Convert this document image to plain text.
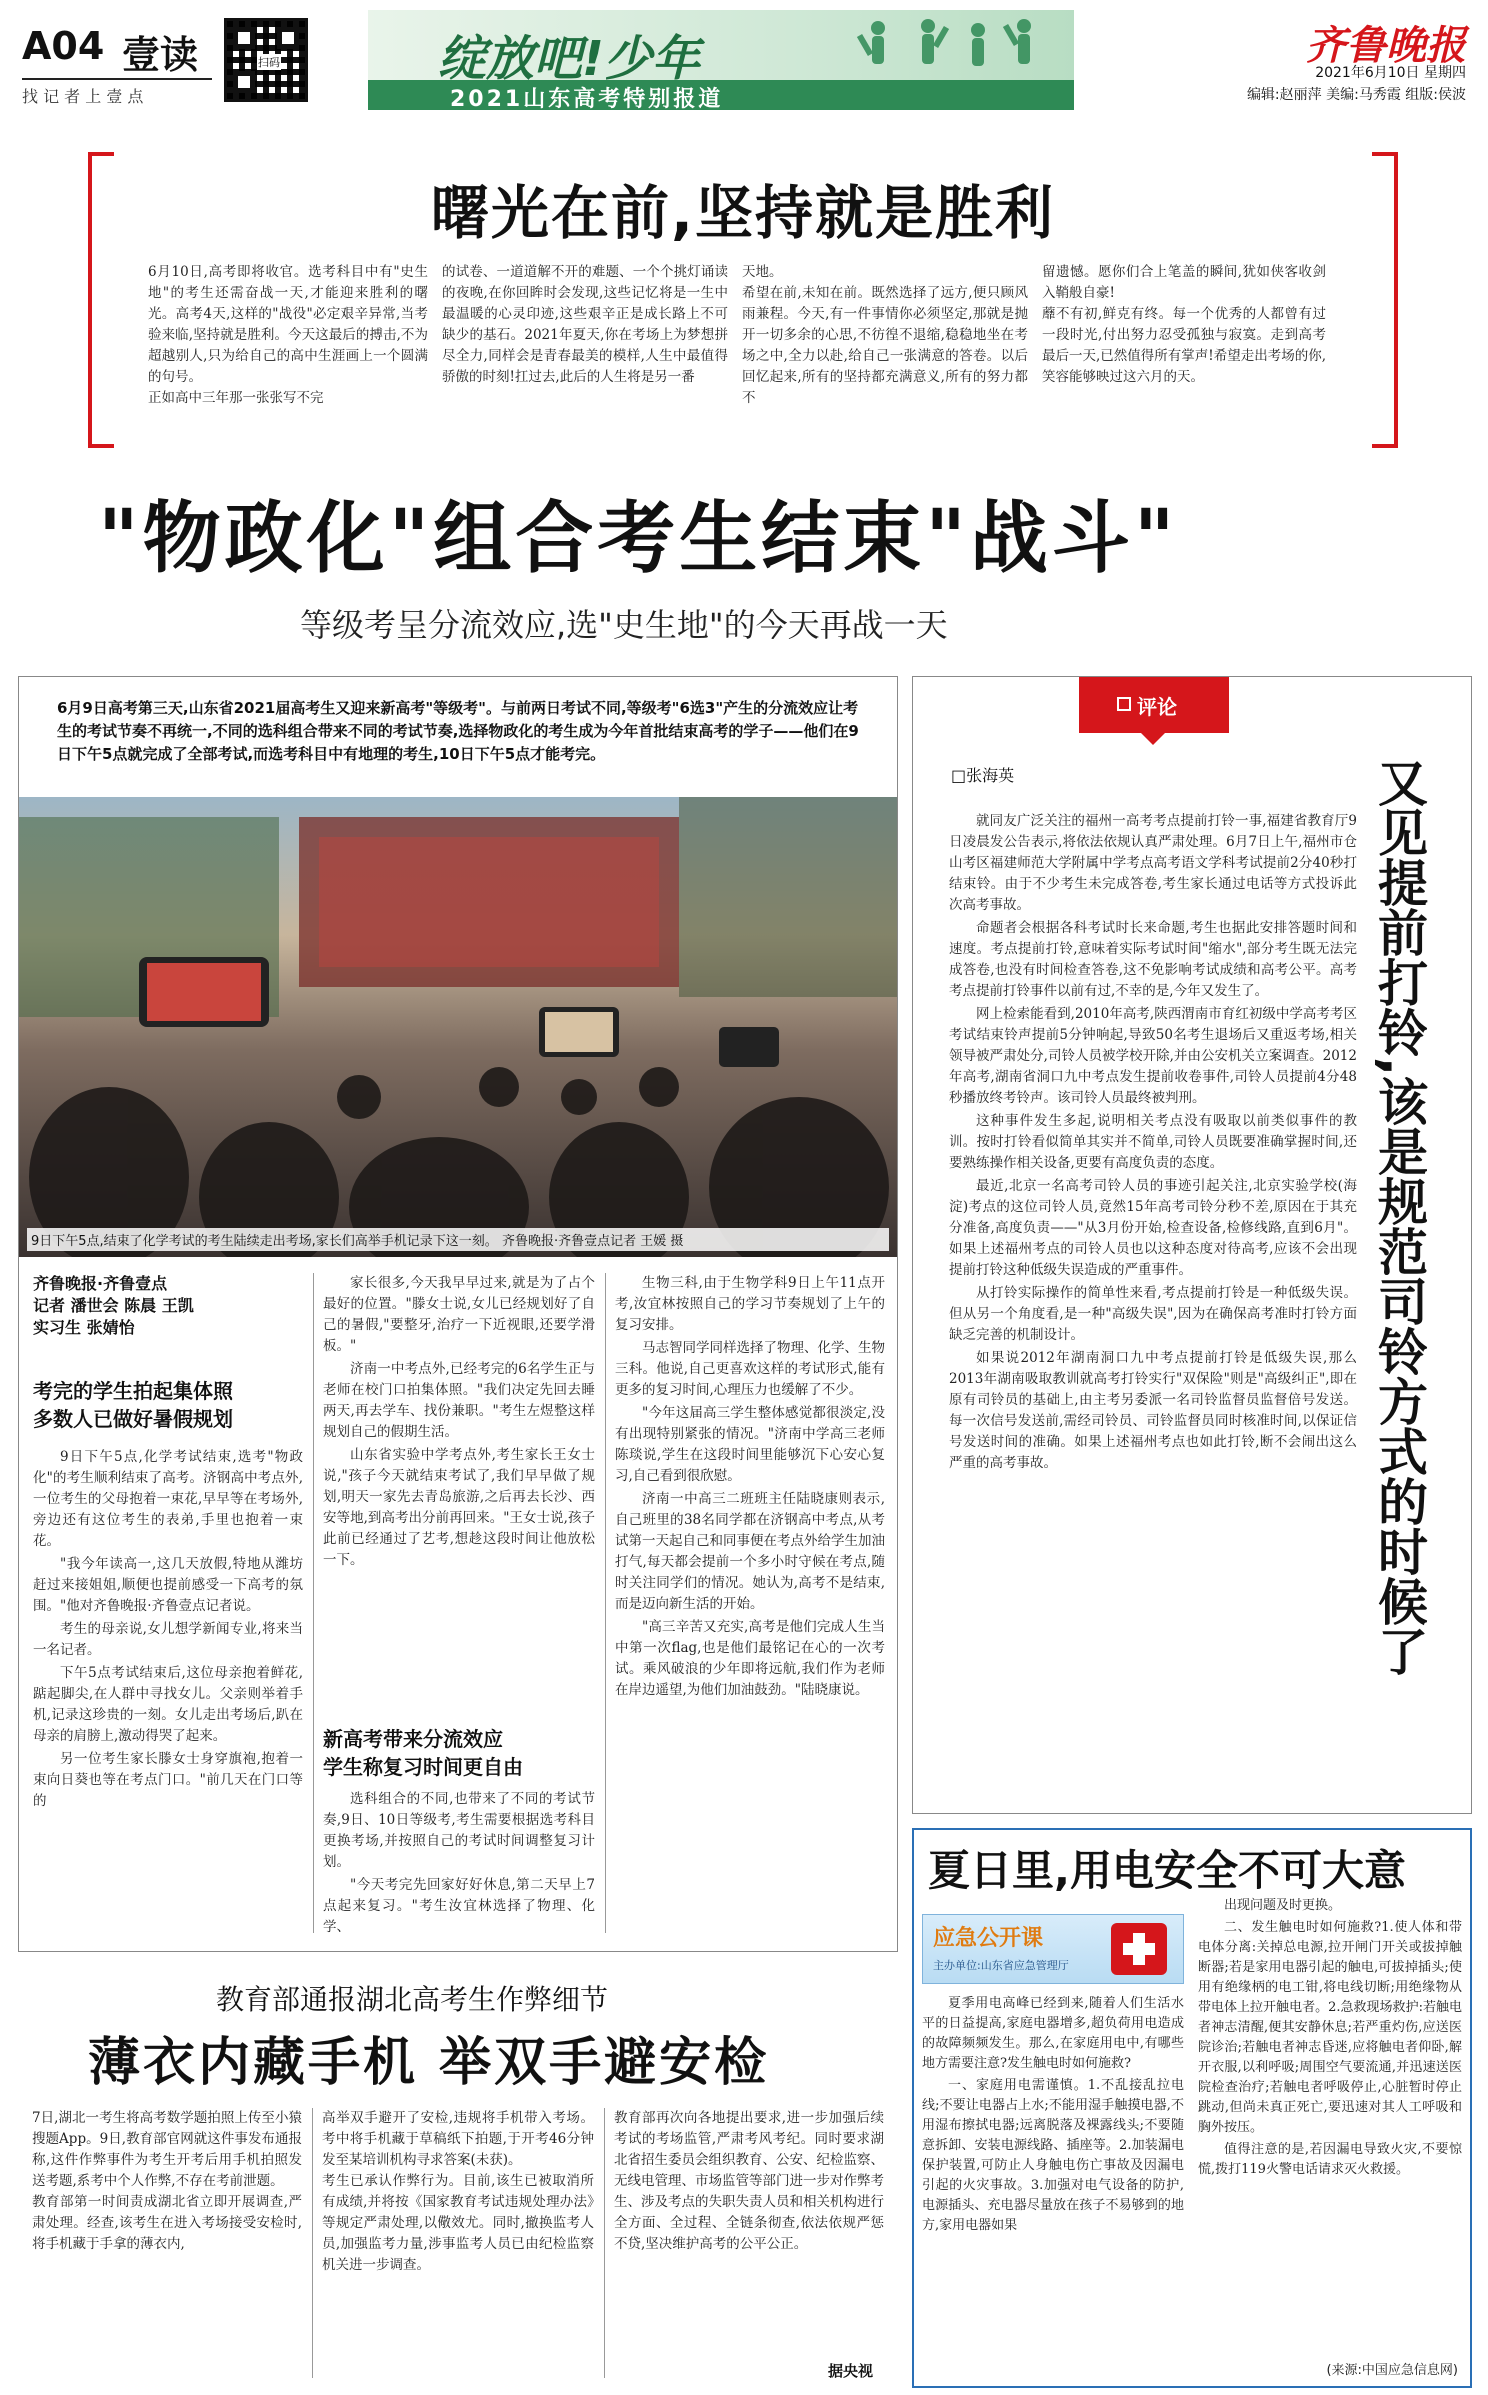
A04 壹读
找 记 者 上 壹 点
扫码	绽放吧!少年
2021山东高考特别报道
齐鲁晚报
2021年6月10日 星期四
编辑:赵丽萍 美编:马秀霞 组版:侯波
曙光在前,坚持就是胜利
6月10日,高考即将收官。选考科目中有"史生地"的考生还需奋战一天,才能迎来胜利的曙光。高考4天,这样的"战役"必定艰辛异常,当考验来临,坚持就是胜利。今天这最后的搏击,不为超越别人,只为给自己的高中生涯画上一个圆满的句号。
正如高中三年那一张张写不完
的试卷、一道道解不开的难题、一个个挑灯诵读的夜晚,在你回眸时会发现,这些记忆将是一生中最温暖的心灵印迹,这些艰辛正是成长路上不可缺少的基石。2021年夏天,你在考场上为梦想拼尽全力,同样会是青春最美的模样,人生中最值得骄傲的时刻!扛过去,此后的人生将是另一番
天地。
希望在前,未知在前。既然选择了远方,便只顾风雨兼程。今天,有一件事情你必须坚定,那就是抛开一切多余的心思,不彷徨不退缩,稳稳地坐在考场之中,全力以赴,给自己一张满意的答卷。以后回忆起来,所有的坚持都充满意义,所有的努力都不
留遗憾。愿你们合上笔盖的瞬间,犹如侠客收剑入鞘般自豪!
蘼不有初,鲜克有终。每一个优秀的人都曾有过一段时光,付出努力忍受孤独与寂寞。走到高考最后一天,已然值得所有掌声!希望走出考场的你,笑容能够映过这六月的天。
"物政化"组合考生结束"战斗"
等级考呈分流效应,选"史生地"的今天再战一天
6月9日高考第三天,山东省2021届高考生又迎来新高考"等级考"。与前两日考试不同,等级考"6选3"产生的分流效应让考生的考试节奏不再统一,不同的选科组合带来不同的考试节奏,选择物政化的考生成为今年首批结束高考的学子——他们在9日下午5点就完成了全部考试,而选考科目中有地理的考生,10日下午5点才能考完。
9日下午5点,结束了化学考试的考生陆续走出考场,家长们高举手机记录下这一刻。 齐鲁晚报·齐鲁壹点记者 王媛 摄
齐鲁晚报·齐鲁壹点
记者 潘世会 陈晨 王凯
实习生 张婧怡
考完的学生拍起集体照
多数人已做好暑假规划

9日下午5点,化学考试结束,选考"物政化"的考生顺利结束了高考。济钢高中考点外,一位考生的父母抱着一束花,早早等在考场外,旁边还有这位考生的表弟,手里也抱着一束花。

"我今年读高一,这几天放假,特地从潍坊赶过来接姐姐,顺便也提前感受一下高考的氛围。"他对齐鲁晚报·齐鲁壹点记者说。

考生的母亲说,女儿想学新闻专业,将来当一名记者。

下午5点考试结束后,这位母亲抱着鲜花,踮起脚尖,在人群中寻找女儿。父亲则举着手机,记录这珍贵的一刻。女儿走出考场后,趴在母亲的肩膀上,激动得哭了起来。

另一位考生家长滕女士身穿旗袍,抱着一束向日葵也等在考点门口。"前几天在门口等的

家长很多,今天我早早过来,就是为了占个最好的位置。"滕女士说,女儿已经规划好了自己的暑假,"要整牙,治疗一下近视眼,还要学滑板。"

济南一中考点外,已经考完的6名学生正与老师在校门口拍集体照。"我们决定先回去睡两天,再去学车、找份兼职。"考生左煜整这样规划自己的假期生活。

山东省实验中学考点外,考生家长王女士说,"孩子今天就结束考试了,我们早早做了规划,明天一家先去青岛旅游,之后再去长沙、西安等地,到高考出分前再回来。"王女士说,孩子此前已经通过了艺考,想趁这段时间让他放松一下。

新高考带来分流效应
学生称复习时间更自由

选科组合的不同,也带来了不同的考试节奏,9日、10日等级考,考生需要根据选考科目更换考场,并按照自己的考试时间调整复习计划。

"今天考完先回家好好休息,第二天早上7点起来复习。"考生汝宜林选择了物理、化学、

生物三科,由于生物学科9日上午11点开考,汝宜林按照自己的学习节奏规划了上午的复习安排。

马志智同学同样选择了物理、化学、生物三科。他说,自己更喜欢这样的考试形式,能有更多的复习时间,心理压力也缓解了不少。

"今年这届高三学生整体感觉都很淡定,没有出现特别紧张的情况。"济南中学高三老师陈琰说,学生在这段时间里能够沉下心安心复习,自己看到很欣慰。

济南一中高三二班班主任陆晓康则表示,自己班里的38名同学都在济钢高中考点,从考试第一天起自己和同事便在考点外给学生加油打气,每天都会提前一个多小时守候在考点,随时关注同学们的情况。她认为,高考不是结束,而是迈向新生活的开始。

"高三辛苦又充实,高考是他们完成人生当中第一次flag,也是他们最铭记在心的一次考试。乘风破浪的少年即将远航,我们作为老师在岸边遥望,为他们加油鼓劲。"陆晓康说。

评论
□张海英

就同友广泛关注的福州一高考考点提前打铃一事,福建省教育厅9日凌晨发公告表示,将依法依规认真严肃处理。6月7日上午,福州市仓山考区福建师范大学附属中学考点高考语文学科考试提前2分40秒打结束铃。由于不少考生未完成答卷,考生家长通过电话等方式投诉此次高考事故。

命题者会根据各科考试时长来命题,考生也据此安排答题时间和速度。考点提前打铃,意味着实际考试时间"缩水",部分考生既无法完成答卷,也没有时间检查答卷,这不免影响考试成绩和高考公平。高考考点提前打铃事件以前有过,不幸的是,今年又发生了。

网上检索能看到,2010年高考,陕西渭南市育红初级中学高考考区考试结束铃声提前5分钟响起,导致50名考生退场后又重返考场,相关领导被严肃处分,司铃人员被学校开除,并由公安机关立案调查。2012年高考,湖南省洞口九中考点发生提前收卷事件,司铃人员提前4分48秒播放终考铃声。该司铃人员最终被判刑。

这种事件发生多起,说明相关考点没有吸取以前类似事件的教训。按时打铃看似简单其实并不简单,司铃人员既要准确掌握时间,还要熟练操作相关设备,更要有高度负责的态度。

最近,北京一名高考司铃人员的事迹引起关注,北京实验学校(海淀)考点的这位司铃人员,竟然15年高考司铃分秒不差,原因在于其充分准备,高度负责——"从3月份开始,检查设备,检修线路,直到6月"。如果上述福州考点的司铃人员也以这种态度对待高考,应该不会出现提前打铃这种低级失误造成的严重事件。

从打铃实际操作的简单性来看,考点提前打铃是一种低级失误。但从另一个角度看,是一种"高级失误",因为在确保高考准时打铃方面缺乏完善的机制设计。

如果说2012年湖南洞口九中考点提前打铃是低级失误,那么2013年湖南吸取教训就高考打铃实行"双保险"则是"高级纠正",即在原有司铃员的基础上,由主考另委派一名司铃监督员监督倍号发送。每一次信号发送前,需经司铃员、司铃监督员同时核准时间,以保证信号发送时间的准确。如果上述福州考点也如此打铃,断不会闹出这么严重的高考事故。	又见提前打铃,该是规范司铃方式的时候了
教育部通报湖北高考生作弊细节
薄衣内藏手机 举双手避安检
7日,湖北一考生将高考数学题拍照上传至小猿搜题App。9日,教育部官网就这件事发布通报称,这件作弊事件为考生开考后用手机拍照发送考题,系考中个人作弊,不存在考前泄题。
教育部第一时间责成湖北省立即开展调查,严肃处理。经查,该考生在进入考场接受安检时,将手机藏于手拿的薄衣内,
高举双手避开了安检,违规将手机带入考场。考中将手机藏于草稿纸下拍题,于开考46分钟发至某培训机构寻求答案(未获)。
考生已承认作弊行为。目前,该生已被取消所有成绩,并将按《国家教育考试违规处理办法》等规定严肃处理,以儆效尤。同时,撤换监考人员,加强监考力量,涉事监考人员已由纪检监察机关进一步调查。
教育部再次向各地提出要求,进一步加强后续考试的考场监管,严肃考风考纪。同时要求湖北省招生委员会组织教育、公安、纪检监察、无线电管理、市场监管等部门进一步对作弊考生、涉及考点的失职失责人员和相关机构进行全方面、全过程、全链条彻查,依法依规严惩不贷,坚决维护高考的公平公正。
据央视
夏日里,用电安全不可大意
应急公开课
主办单位:山东省应急管理厅

夏季用电高峰已经到来,随着人们生活水平的日益提高,家庭电器增多,超负荷用电造成的故障频频发生。那么,在家庭用电中,有哪些地方需要注意?发生触电时如何施救?

一、家庭用电需谨慎。1.不乱接乱拉电线;不要让电器占上水;不能用湿手触摸电器,不用湿布擦拭电器;远离脱落及裸露线头;不要随意拆卸、安装电源线路、插座等。2.加装漏电保护装置,可防止人身触电伤亡事故及因漏电引起的火灾事故。3.加强对电气设备的防护,电源插头、充电器尽量放在孩子不易够到的地方,家用电器如果

出现问题及时更换。

二、发生触电时如何施救?1.使人体和带电体分离:关掉总电源,拉开闸门开关或拔掉触断器;若是家用电器引起的触电,可拔掉插头;使用有绝缘柄的电工钳,将电线切断;用绝缘物从带电体上拉开触电者。2.急救现场救护:若触电者神志清醒,便其安静休息;若严重灼伤,应送医院诊治;若触电者神志昏迷,应将触电者仰卧,解开衣服,以利呼吸;周围空气要流通,并迅速送医院检查治疗;若触电者呼吸停止,心脏暂时停止跳动,但尚未真正死亡,要迅速对其人工呼吸和胸外按压。

值得注意的是,若因漏电导致火灾,不要惊慌,拨打119火警电话请求灭火救援。

(来源:中国应急信息网)
